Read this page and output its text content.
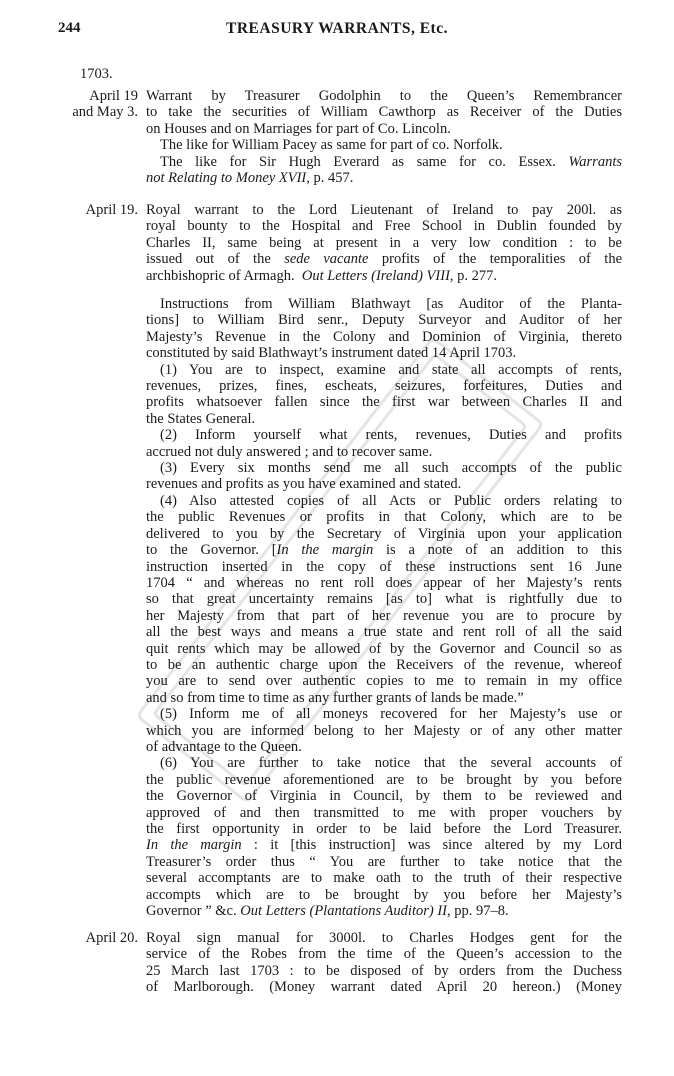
244	TREASURY WARRANTS, Etc.
1703.
April 19
and May 3.
Warrant by Treasurer Godolphin to the Queen’s Remembrancer
to take the securities of William Cawthorp as Receiver of the Duties
on Houses and on Marriages for part of Co. Lincoln.
The like for William Pacey as same for part of co. Norfolk.
The like for Sir Hugh Everard as same for co. Essex. Warrants
not Relating to Money XVII, p. 457.
April 19. Royal warrant to the Lord Lieutenant of Ireland to pay 200l. as
royal bounty to the Hospital and Free School in Dublin founded by
Charles II, same being at present in a very low condition : to be
issued out of the sede vacante profits of the temporalities of the
archbishopric of Armagh. Out Letters (Ireland) VIII, p. 277.
Instructions from William Blathwayt [as Auditor of the Planta-
tions] to William Bird senr., Deputy Surveyor and Auditor of her
Majesty’s Revenue in the Colony and Dominion of Virginia, thereto
constituted by said Blathwayt’s instrument dated 14 April 1703.
(1) You are to inspect, examine and state all accompts of rents,
revenues, prizes, fines, escheats, seizures, forfeitures, Duties and
profits whatsoever fallen since the first war between Charles II and
the States General.
(2) Inform yourself what rents, revenues, Duties and profits
accrued not duly answered ; and to recover same.
(3) Every six months send me all such accompts of the public
revenues and profits as you have examined and stated.
(4) Also attested copies of all Acts or Public orders relating to
the public Revenues or profits in that Colony, which are to be
delivered to you by the Secretary of Virginia upon your application
to the Governor. [In the margin is a note of an addition to this
instruction inserted in the copy of these instructions sent 16 June
1704 “ and whereas no rent roll does appear of her Majesty’s rents
so that great uncertainty remains [as to] what is rightfully due to
her Majesty from that part of her revenue you are to procure by
all the best ways and means a true state and rent roll of all the said
quit rents which may be allowed of by the Governor and Council so as
to be an authentic charge upon the Receivers of the revenue, whereof
you are to send over authentic copies to me to remain in my office
and so from time to time as any further grants of lands be made.”
(5) Inform me of all moneys recovered for her Majesty’s use or
which you are informed belong to her Majesty or of any other matter
of advantage to the Queen.
(6) You are further to take notice that the several accounts of
the public revenue aforementioned are to be brought by you before
the Governor of Virginia in Council, by them to be reviewed and
approved of and then transmitted to me with proper vouchers by
the first opportunity in order to be laid before the Lord Treasurer.
In the margin : it [this instruction] was since altered by my Lord
Treasurer’s order thus “ You are further to take notice that the
several accomptants are to make oath to the truth of their respective
accompts which are to be brought by you before her Majesty’s
Governor ” &c. Out Letters (Plantations Auditor) II, pp. 97–8.
April 20. Royal sign manual for 3000l. to Charles Hodges gent for the
service of the Robes from the time of the Queen’s accession to the
25 March last 1703 : to be disposed of by orders from the Duchess
of Marlborough. (Money warrant dated April 20 hereon.) (Money
